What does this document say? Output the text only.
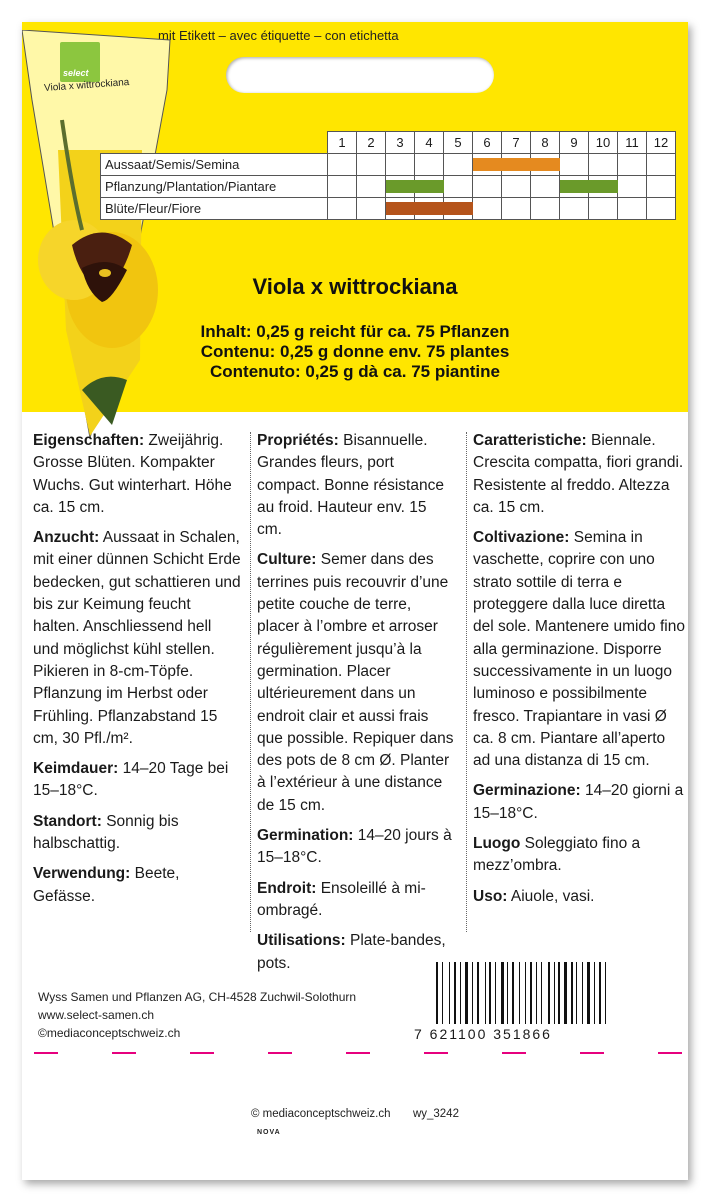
mit Etikett – avec étiquette – con etichetta
select
Viola x wittrockiana
	1	2	3	4	5	6	7	8	9	10	11	12
Aussaat/Semis/Semina												
Pflanzung/Plantation/Piantare												
Blüte/Fleur/Fiore												
Viola x wittrockiana
Inhalt: 0,25 g reicht für ca. 75 Pflanzen
Contenu: 0,25 g donne env. 75 plantes
Contenuto: 0,25 g dà ca. 75 piantine

Eigenschaften: Zweijährig. Grosse Blüten. Kompakter Wuchs. Gut winterhart. Höhe ca. 15 cm.

Anzucht: Aussaat in Schalen, mit einer dünnen Schicht Erde bedecken, gut schattieren und bis zur Keimung feucht halten. Anschliessend hell und möglichst kühl stellen. Pikieren in 8-cm-Töpfe. Pflanzung im Herbst oder Frühling. Pflanzabstand 15 cm, 30 Pfl./m².

Keimdauer: 14–20 Tage bei 15–18°C.

Standort: Sonnig bis halbschattig.

Verwendung: Beete, Gefässe.

Propriétés: Bisannuelle. Grandes fleurs, port compact. Bonne résistance au froid. Hauteur env. 15 cm.

Culture: Semer dans des terrines puis recouvrir d’une petite couche de terre, placer à l’ombre et arroser régulièrement jusqu’à la germination. Placer ultérieurement dans un endroit clair et aussi frais que possible. Repiquer dans des pots de 8 cm Ø. Planter à l’extérieur à une distance de 15 cm.

Germination: 14–20 jours à 15–18°C.

Endroit: Ensoleillé à mi-ombragé.

Utilisations: Plate-bandes, pots.

Caratteristiche: Biennale. Crescita compatta, fiori grandi. Resistente al freddo. Altezza ca. 15 cm.

Coltivazione: Semina in vaschette, coprire con uno strato sottile di terra e proteggere dalla luce diretta del sole. Mantenere umido fino alla germinazione. Disporre successivamente in un luogo luminoso e possibilmente fresco. Trapiantare in vasi Ø ca. 8 cm. Piantare all’aperto ad una distanza di 15 cm.

Germinazione: 14–20 giorni a 15–18°C.

Luogo Soleggiato fino a mezz’ombra.

Uso: Aiuole, vasi.

Wyss Samen und Pflanzen AG, CH-4528 Zuchwil-Solothurn
www.select-samen.ch
©mediaconceptschweiz.ch	7 621100 351866
© mediaconceptschweiz.ch wy_3242
NOVA
